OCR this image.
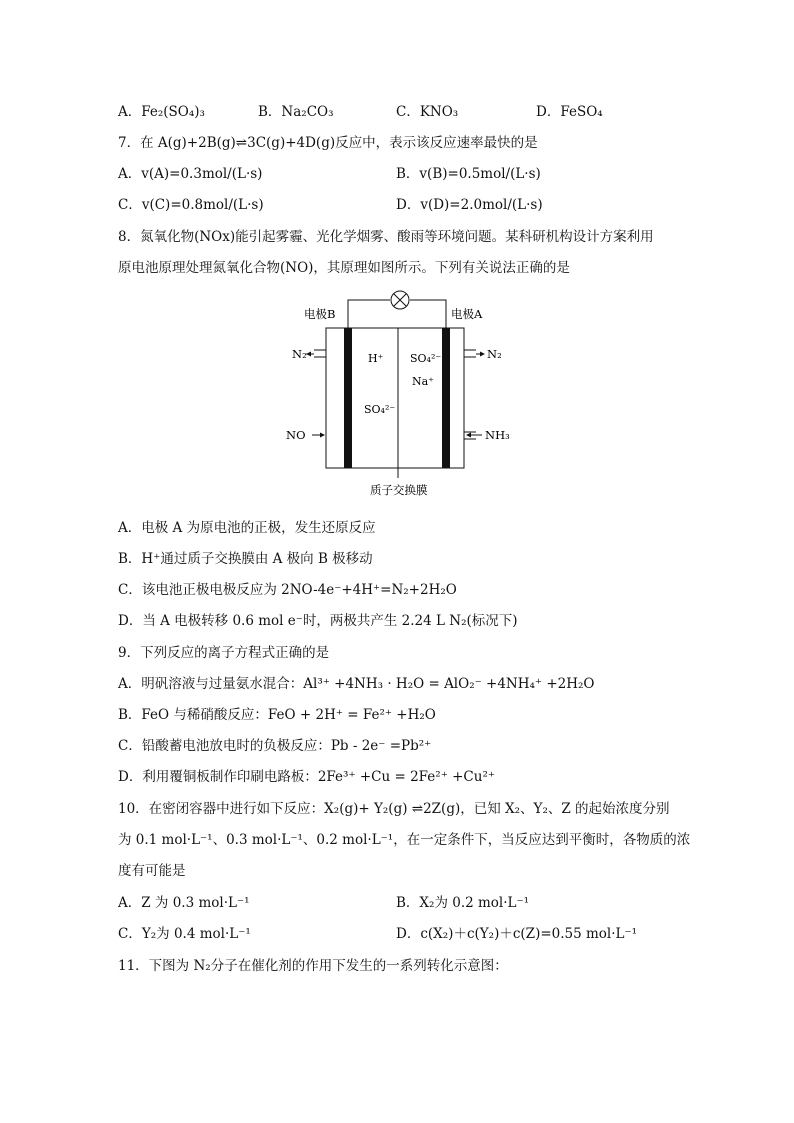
A．Fe₂(SO₄)₃	B．Na₂CO₃	C．KNO₃	D．FeSO₄
7．在 A(g)+2B(g)⇌3C(g)+4D(g)反应中，表示该反应速率最快的是
A．v(A)=0.3mol/(L·s)	B．v(B)=0.5mol/(L·s)
C．v(C)=0.8mol/(L·s)	D．v(D)=2.0mol/(L·s)
8．氮氧化物(NOx)能引起雾霾、光化学烟雾、酸雨等环境问题。某科研机构设计方案利用
原电池原理处理氮氧化合物(NO)，其原理如图所示。下列有关说法正确的是
电极B	电极A
N₂	N₂
NO	NH₃
H⁺
SO₄²⁻
SO₄²⁻
Na⁺
质子交换膜
A．电极 A 为原电池的正极，发生还原反应
B．H⁺通过质子交换膜由 A 极向 B 极移动
C．该电池正极电极反应为 2NO-4e⁻+4H⁺=N₂+2H₂O
D．当 A 电极转移 0.6 mol e⁻时，两极共产生 2.24 L N₂(标况下)
9．下列反应的离子方程式正确的是
A．明矾溶液与过量氨水混合：Al³⁺ +4NH₃ · H₂O = AlO₂⁻ +4NH₄⁺ +2H₂O
B．FeO 与稀硝酸反应：FeO + 2H⁺ = Fe²⁺ +H₂O
C．铅酸蓄电池放电时的负极反应：Pb - 2e⁻ =Pb²⁺
D．利用覆铜板制作印刷电路板：2Fe³⁺ +Cu = 2Fe²⁺ +Cu²⁺
10．在密闭容器中进行如下反应：X₂(g)+ Y₂(g) ⇌2Z(g)，已知 X₂、Y₂、Z 的起始浓度分别
为 0.1 mol·L⁻¹、0.3 mol·L⁻¹、0.2 mol·L⁻¹，在一定条件下，当反应达到平衡时，各物质的浓
度有可能是
A．Z 为 0.3 mol·L⁻¹	B．X₂为 0.2 mol·L⁻¹
C．Y₂为 0.4 mol·L⁻¹	D．c(X₂)＋c(Y₂)＋c(Z)=0.55 mol·L⁻¹
11．下图为 N₂分子在催化剂的作用下发生的一系列转化示意图：
